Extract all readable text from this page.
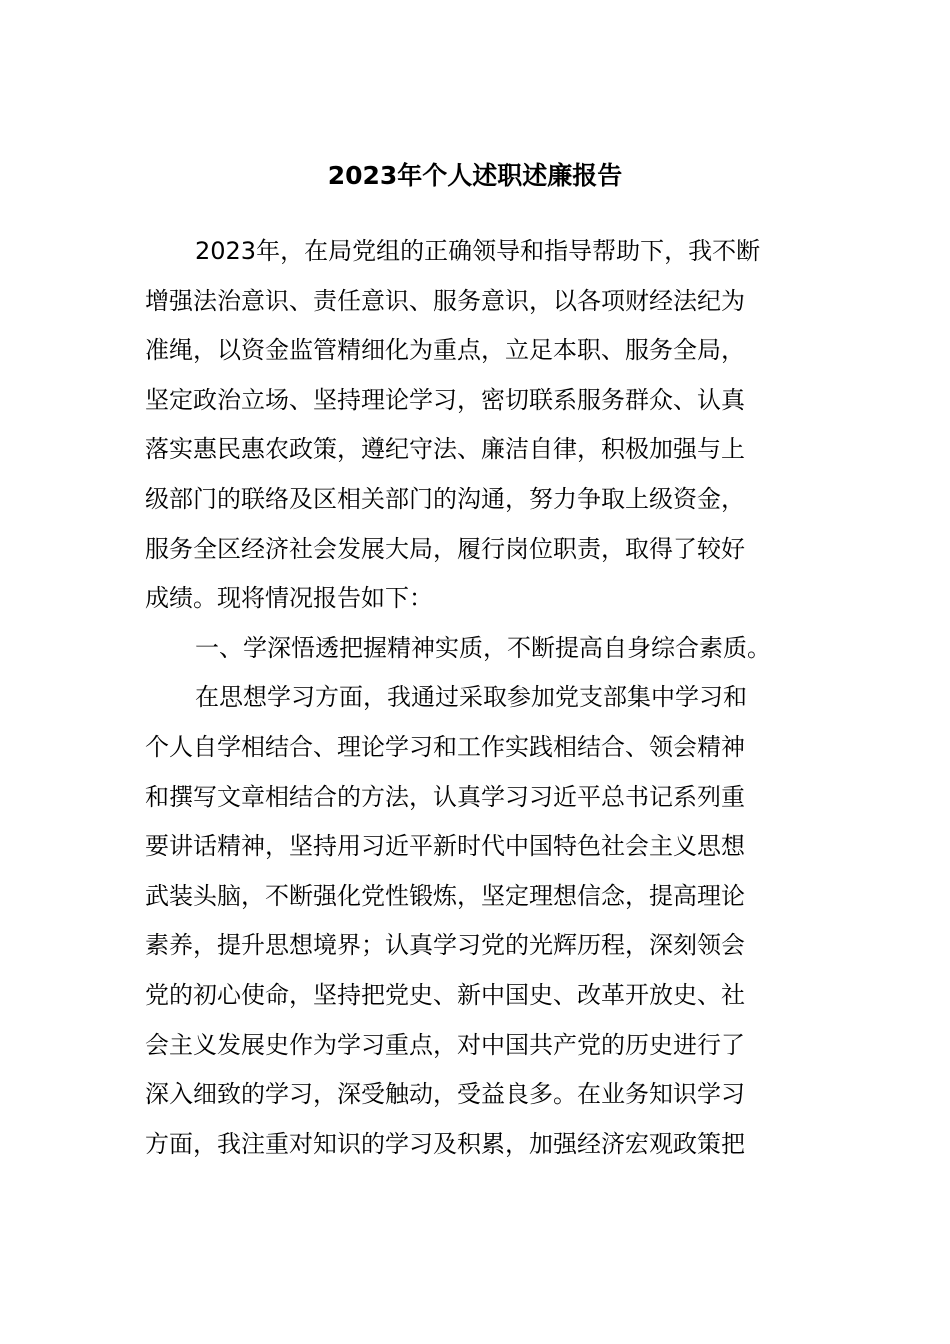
2023年个人述职述廉报告
2023年，在局党组的正确领导和指导帮助下，我不断
增强法治意识、责任意识、服务意识，以各项财经法纪为
准绳，以资金监管精细化为重点，立足本职、服务全局，
坚定政治立场、坚持理论学习，密切联系服务群众、认真
落实惠民惠农政策，遵纪守法、廉洁自律，积极加强与上
级部门的联络及区相关部门的沟通，努力争取上级资金，
服务全区经济社会发展大局，履行岗位职责，取得了较好
成绩。现将情况报告如下：
一、学深悟透把握精神实质，不断提高自身综合素质。
在思想学习方面，我通过采取参加党支部集中学习和
个人自学相结合、理论学习和工作实践相结合、领会精神
和撰写文章相结合的方法，认真学习习近平总书记系列重
要讲话精神，坚持用习近平新时代中国特色社会主义思想
武装头脑，不断强化党性锻炼，坚定理想信念，提高理论
素养，提升思想境界；认真学习党的光辉历程，深刻领会
党的初心使命，坚持把党史、新中国史、改革开放史、社
会主义发展史作为学习重点，对中国共产党的历史进行了
深入细致的学习，深受触动，受益良多。在业务知识学习
方面，我注重对知识的学习及积累，加强经济宏观政策把
